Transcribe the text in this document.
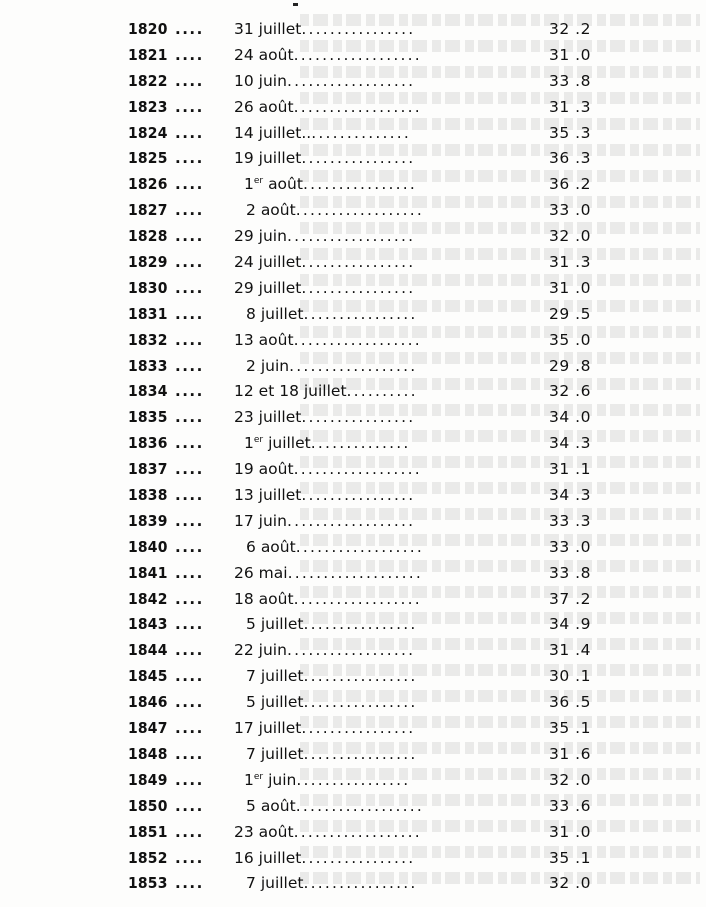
1820 .... 31 juillet................	32 .2
1821 .... 24 août..................	31 .0
1822 .... 10 juin..................	33 .8
1823 .... 26 août..................	31 .3
1824 .... 14 juillet................	35 .3
1825 .... 19 juillet................	36 .3
1826 ....	1er août................	36 .2
1827 ....	2 août..................	33 .0
1828 .... 29 juin..................	32 .0
1829 .... 24 juillet................	31 .3
1830 .... 29 juillet................	31 .0
1831 ....	8 juillet................	29 .5
1832 .... 13 août..................	35 .0
1833 ....	2 juin..................	29 .8
1834 .... 12 et 18 juillet..........	32 .6
1835 .... 23 juillet................	34 .0
1836 ....	1er juillet..............	34 .3
1837 .... 19 août..................	31 .1
1838 .... 13 juillet................	34 .3
1839 .... 17 juin..................	33 .3
1840 ....	6 août..................	33 .0
1841 .... 26 mai...................	33 .8
1842 .... 18 août..................	37 .2
1843 ....	5 juillet................	34 .9
1844 .... 22 juin..................	31 .4
1845 ....	7 juillet................	30 .1
1846 ....	5 juillet................	36 .5
1847 .... 17 juillet................	35 .1
1848 ....	7 juillet................	31 .6
1849 ....	1er juin................	32 .0
1850 ....	5 août..................	33 .6
1851 .... 23 août..................	31 .0
1852 .... 16 juillet................	35 .1
1853 ....	7 juillet................	32 .0
